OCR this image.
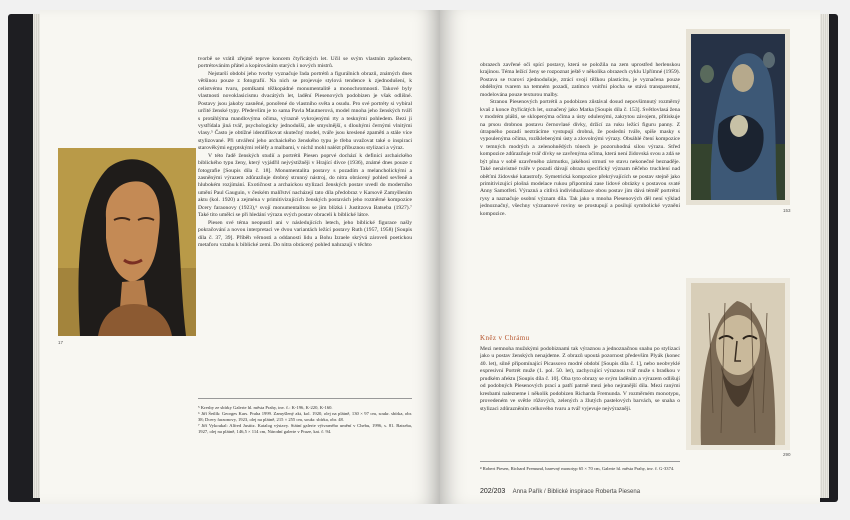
17

tvorbě se vrátil zřejmě teprve koncem čtyřicátých let. Učil se svým vlastním způsobem, portrétováním přátel a kopírováním starých i nových mistrů.

Nejstarší období jeho tvorby vyznačuje řada portrétů a figurálních obrazů, známých dnes většinou pouze z fotografií. Na nich se projevuje stylová tendence k zjednodušení, k celistvému tvaru, pomlkami těžkopádné monumentalitě a monochromnosti. Takové byly vlastnosti novoklasicismu dvacátých let, ladění Piesenových podobizen je však odlišné. Postavy jsou jakoby zasněné, ponořené do vlastního světa a osudu. Pro své portréty si vybíral určité ženské typy. Především je to sama Pavla Mautnerová, model mnoha jeho ženských tváří s protáhlýma mandlovýma očima, výrazně vykrojenými rty a tesknými pohledem. Bezi ji vystřídala jiná tvář, psychologicky jednodušší, ale smyslnější, s dlouhými černými vlnitými vlasy.⁵ Často je obtížné identifikovat skutečný model, tváře jsou kreslené zpaměti a stále více stylizované. Při utváření jeho archaického ženského typu je třeba uvažovat také o inspiraci starověkými egyptskými reliéfy a malbami, v nichž mohl nalézt příbuznou stylizaci a výraz.

V této řadě ženských studií a portrétů Piesen poprvé dochází k definici archaického biblického typu ženy, který vyjádřil nejvýstižněji v Hrající dívce (1936), známé dnes pouze z fotografie [Soupis díla č. 18]. Monumentalita postavy s pozadím a melancholickými a zasněnými výrazem zdůrazňuje drobný strunný nástroj, do nitra obrácený pohled sevřeně a hlubokém rozjímání. Exotičnost a archaickou stylizaci ženských postav uvedl do moderního umění Paul Gauguin, v českém malířství nacházejí tato díla předobraz v Karsově Zamyšlením aktu (kol. 1920) a zejména v primitivizujících ženských postavách jeho rozměrné kompozice Dcery faraonovy (1923),⁶ svojí monumentalitou se jim blízká i Justitzova Batseba (1927).⁷ Také tito umělci se při hledání výrazu svých postav obraceli k biblické látce.

Piesen své téma neopustil ani v následujících letech, jeho biblické figurace našly pokračování a novou interpretaci ve dvou variantách ležící postavy Ruth (1957, 1958) [Soupis díla č. 37, 39]. Příběh věrnosti a oddanosti lidu a Bohu Izraele skrývá zároveň poetickou metaforu vztahu k biblické zemi. Do nitra obrácený pohled nahrazují v těchto

⁵ Kresby ze sbírky Galerie hl. města Prahy, inv. č.: K-196, K-220, K-160.

⁶ Jiří Šetlík: Georges Kars. Praha 1999. Zamyšlený akt, kol. 1920, olej na plátně, 130 × 97 cm, soukr. sbírka, obr. 38; Dcery faraonovy, 1923, olej na plátně, 215 × 255 cm, soukr. sbírka, obr. 48.

⁷ Jiří Vykoukal: Alfred Justitz. Katalog výstavy. Státní galerie výtvarného umění v Chebu, 1996, s. 81. Batseba, 1927, olej na plátně, 146,5 × 114 cm, Národní galerie v Praze, kat. č. 94.

obrazech zavřené oči spící postavy, která se položila na zem uprostřed herlenskou krajinou. Téma ležící ženy se rozpoznat ještě v několika obrazech cyklu Upřímné (1959). Postava se tvaroví zjednodušuje, ztrácí svojí těžkou plasticitu, je vyznačena pouze obdélným tvarem na temném pozadí, zatímco vnitřní plocha se stává transparentní, modelována pouze texturou malby.

Stranou Piesenových portrétů a podobizen zůstával dosud nepovšimnutý rozměrný kvaš z konce čtyřicátých let, označený jako Matka [Soupis díla č. 153]. Světlovlasá žena v modrém plášti, se sklopenýma očima a ústy odulenými, zakrytou závojem, přitiskuje na prsou drobnou postavu černovlasé dívky, držící za ruku ležící figuru panny. Z útrapného pozadí neztrácíme vystupují drobná, že poslední tváře, spíše masky s vypoulenýma očima, rozšklebenými ústy a zlovolnými výrazy. Obsáhlé čtení kompozice v temných modrých a zelenohnědých tónech je pozoruhodná silou výrazu. Střed kompozice zdůrazňuje tvář dívky se zavřenýma očima, která není židovská svou a zdá se být plna v sobě uzavřeného zármutku, jakéhosi strnutí ve stavu nekonečné beznaděje. Také nenávistné tváře v pozadí dávají obrazu specifický význam něčeho truchlení nad oběťmi židovské katastrofy. Symetrická kompozice překrývajících se postav stejně jako primitivizující plošná modelace rukou připomíná zase lidové obrázky s postavou svaté Anny Samotřetí. Výrazná a citlivá individualizace obou postav jim dává téměř portrétní rysy a naznačuje osobní význam díla. Tak jako u mnoha Piesenových děl není výklad jednoznačný, všechny významové roviny se prostupují a posilují symbolické vyznění kompozice.

Kněz v Chrámu

Mezi nemnoha mužskými podobiznami tak výraznou a jednoznačnou snahu po stylizaci jako u postav ženských nenajdeme. Z obrazů upoutá pozornost především Plyák (konec 40. let), silně připomínající Picassovo modré období [Soupis díla č. 1], nebo neobvyklé expresivní Portrét muže (1. pol. 50. let), zachycující výraznou tvář muže s bradkou v prudkém afektu [Soupis díla č. 10]. Oba tyto obrazy se svým laděním a výrazem odlišují od podobných Piesenových prací a patří patrně mezi jeho nejranější díla. Mezi ranými kresbami nalezneme i několik podobizen Richarda Fremunda. V rozměrném monotypu, provedeném ve světle růžových, zelených a žlutých pastelových barvách, se snaha o stylizaci zdůrazněním celkového tvaru a tvář vyjevuje nejvýrazněji.

⁸ Robert Piesen, Richard Fremund, barevný monotyp 65 × 70 cm, Galerie hl. města Prahy, inv. č. G-3374.

202/203 Anna Pařík / Biblické inspirace Roberta Piesena
153
290
